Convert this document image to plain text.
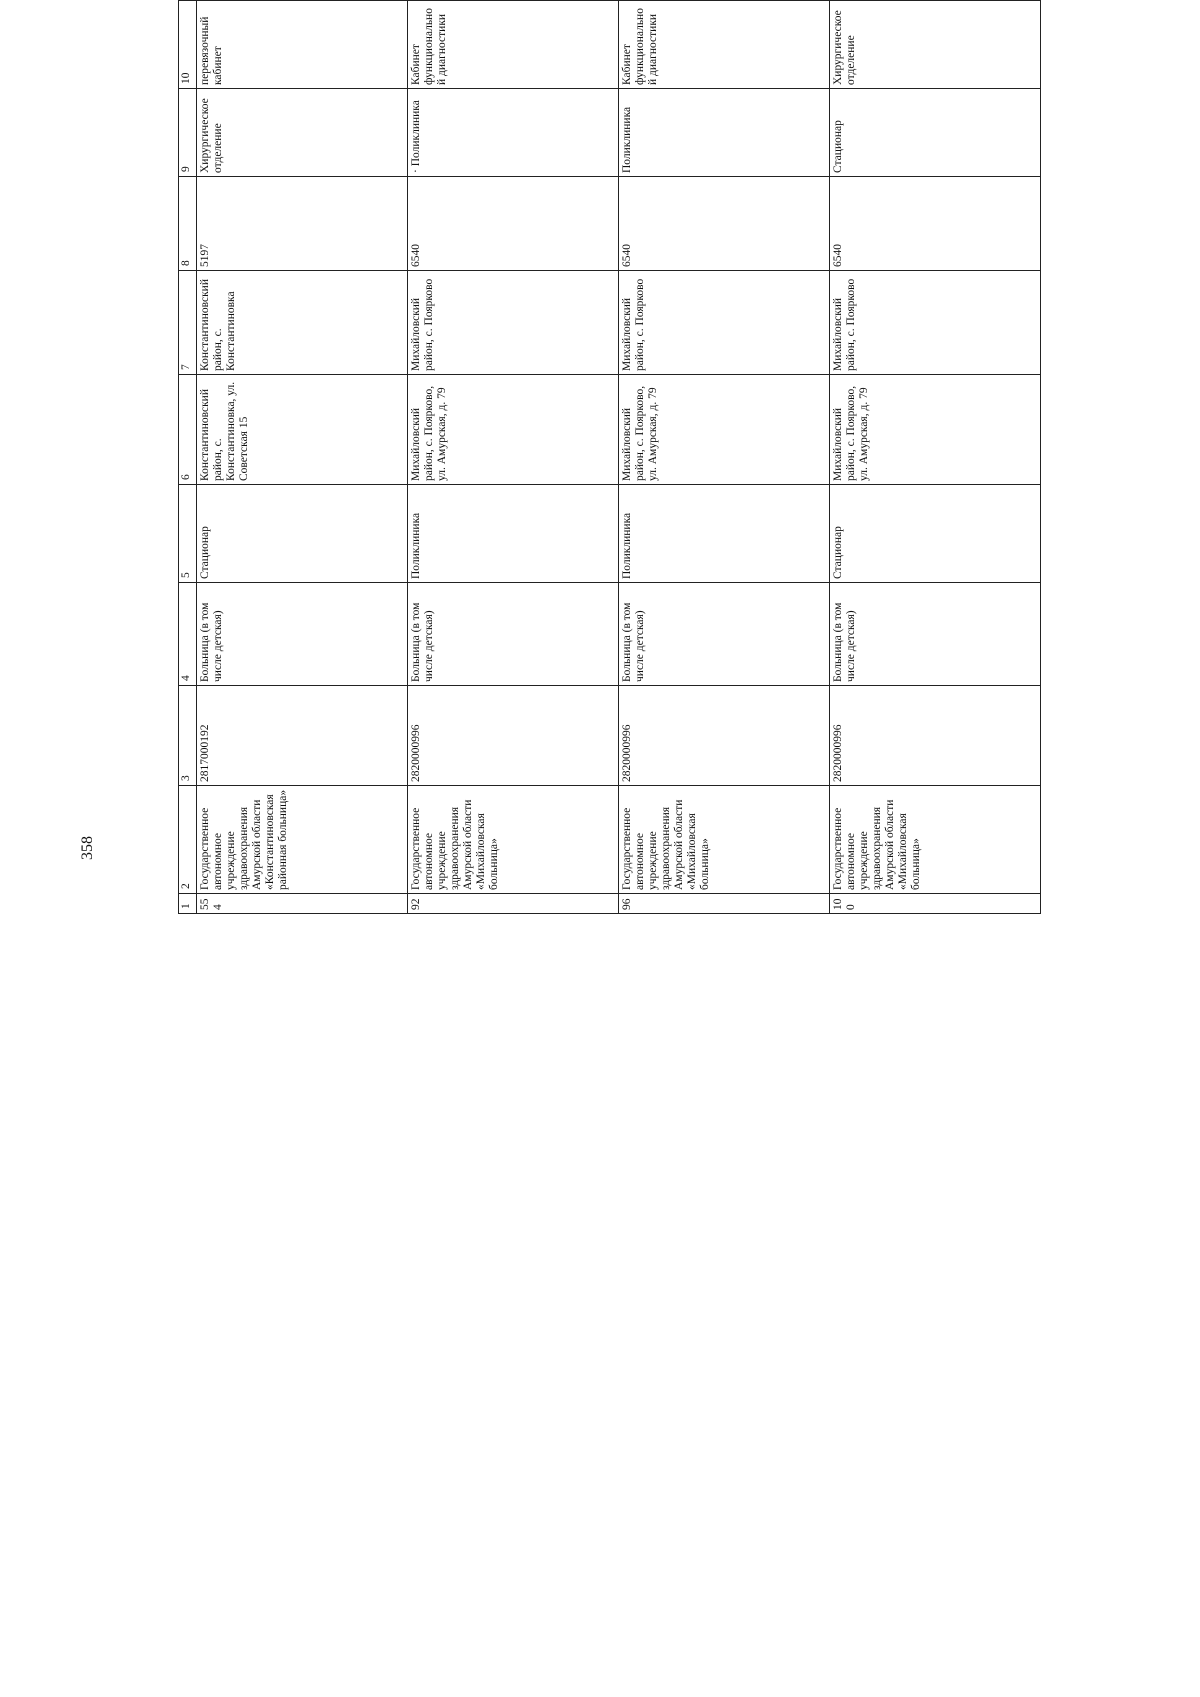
358
1	2	3	4	5	6	7	8	9	10					
554	Государственное автономное учреждение здравоохранения Амурской области «Константиновская районная больница»	2817000192	Больница (в том числе детская)	Стационар	Константиновский район, с. Константиновка, ул. Советская 15	Константиновский район, с. Константиновка	5197	Хирургическое отделение	перевязочный кабинет					
92	Государственное автономное учреждение здравоохранения Амурской области «Михайловская больница»	2820000996	Больница (в том числе детская)	Поликлиника	Михайловский район, с. Поярково, ул. Амурская, д. 79	Михайловский район, с. Поярково	6540	· Поликлиника	Кабинет функциональной диагностики					
96	Государственное автономное учреждение здравоохранения Амурской области «Михайловская больница»	2820000996	Больница (в том числе детская)	Поликлиника	Михайловский район, с. Поярково, ул. Амурская, д. 79	Михайловский район, с. Поярково	6540	Поликлиника	Кабинет функциональной диагностики					
100	Государственное автономное учреждение здравоохранения Амурской области «Михайловская больница»	2820000996	Больница (в том числе детская)	Стационар	Михайловский район, с. Поярково, ул. Амурская, д. 79	Михайловский район, с. Поярково	6540	Стационар	Хирургическое отделение					
